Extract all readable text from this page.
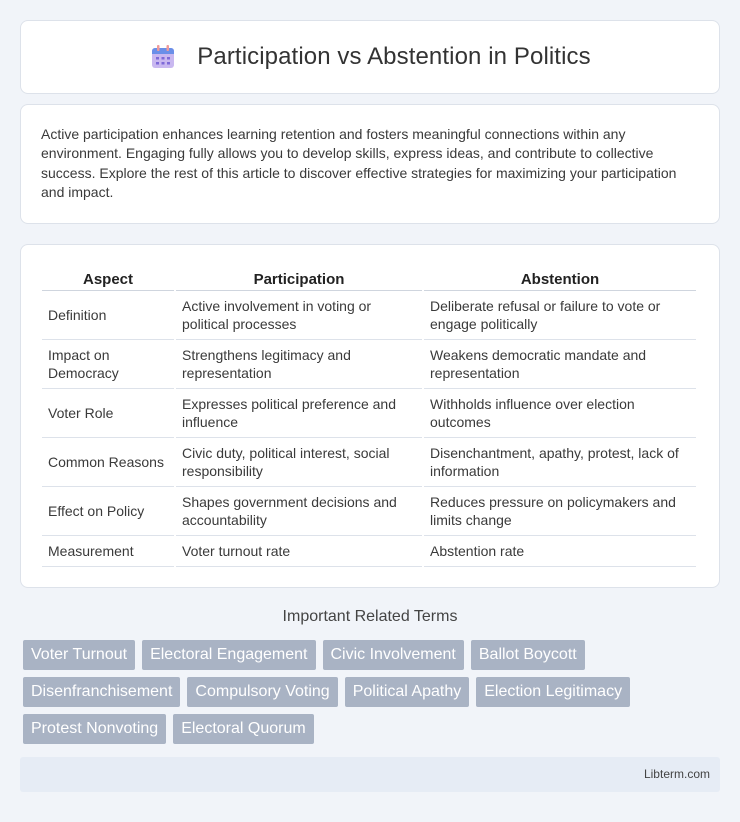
Participation vs Abstention in Politics

Active participation enhances learning retention and fosters meaningful connections within any environment. Engaging fully allows you to develop skills, express ideas, and contribute to collective success. Explore the rest of this article to discover effective strategies for maximizing your participation and impact.

Aspect	Participation	Abstention
Definition	Active involvement in voting or political processes	Deliberate refusal or failure to vote or engage politically
Impact on Democracy	Strengthens legitimacy and representation	Weakens democratic mandate and representation
Voter Role	Expresses political preference and influence	Withholds influence over election outcomes
Common Reasons	Civic duty, political interest, social responsibility	Disenchantment, apathy, protest, lack of information
Effect on Policy	Shapes government decisions and accountability	Reduces pressure on policymakers and limits change
Measurement	Voter turnout rate	Abstention rate
Important Related Terms
Voter Turnout	Electoral Engagement	Civic Involvement	Ballot Boycott
Disenfranchisement	Compulsory Voting	Political Apathy	Election Legitimacy
Protest Nonvoting	Electoral Quorum
Libterm.com
